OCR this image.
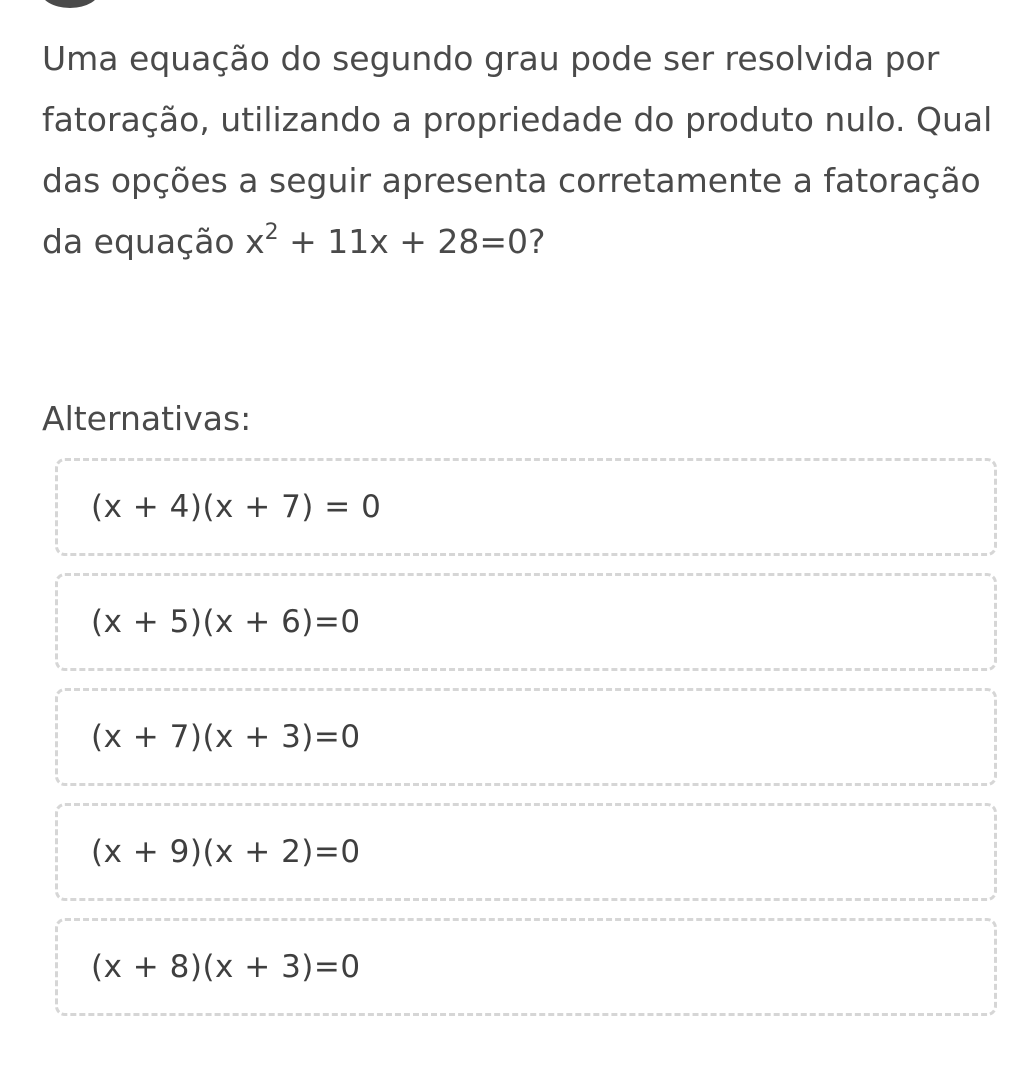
Uma equação do segundo grau pode ser resolvida por fatoração, utilizando a propriedade do produto nulo. Qual das opções a seguir apresenta corretamente a fatoração da equação $x^2 + 11x + 28=0$?

Alternativas:
(x + 4)(x + 7) = 0
(x + 5)(x + 6)=0
(x + 7)(x + 3)=0
(x + 9)(x + 2)=0
(x + 8)(x + 3)=0
